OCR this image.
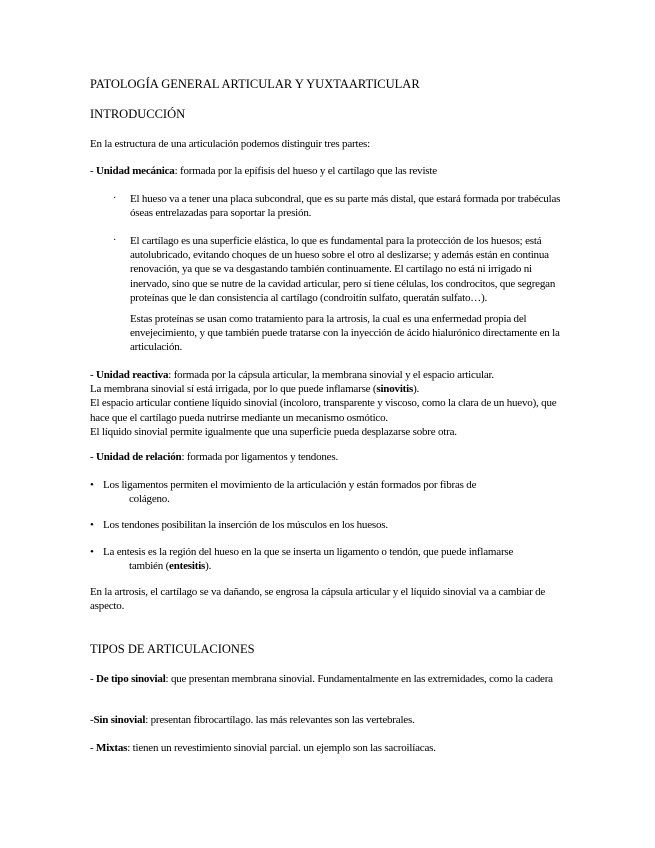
PATOLOGÍA GENERAL ARTICULAR Y YUXTAARTICULAR

INTRODUCCIÓN

En la estructura de una articulación podemos distinguir tres partes:

- Unidad mecánica: formada por la epífisis del hueso y el cartílago que las reviste

· El hueso va a tener una placa subcondral, que es su parte más distal, que estará formada por trabéculas óseas entrelazadas para soportar la presión.

· El cartílago es una superficie elástica, lo que es fundamental para la protección de los huesos; está autolubricado, evitando choques de un hueso sobre el otro al deslizarse; y además están en continua renovación, ya que se va desgastando también continuamente. El cartílago no está ni irrigado ni inervado, sino que se nutre de la cavidad articular, pero sí tiene células, los condrocitos, que segregan proteínas que le dan consistencia al cartílago (condroitín sulfato, queratán sulfato…).

Estas proteínas se usan como tratamiento para la artrosis, la cual es una enfermedad propia del envejecimiento, y que también puede tratarse con la inyección de ácido hialurónico directamente en la articulación.

- Unidad reactiva: formada por la cápsula articular, la membrana sinovial y el espacio articular.
La membrana sinovial sí está irrigada, por lo que puede inflamarse (sinovitis).
El espacio articular contiene líquido sinovial (incoloro, transparente y viscoso, como la clara de un huevo), que hace que el cartílago pueda nutrirse mediante un mecanismo osmótico.
El líquido sinovial permite igualmente que una superficie pueda desplazarse sobre otra.

- Unidad de relación: formada por ligamentos y tendones.

• Los ligamentos permiten el movimiento de la articulación y están formados por fibras de
colágeno.

• Los tendones posibilitan la inserción de los músculos en los huesos.

• La entesis es la región del hueso en la que se inserta un ligamento o tendón, que puede inflamarse
también (entesitis).

En la artrosis, el cartílago se va dañando, se engrosa la cápsula articular y el líquido sinovial va a cambiar de aspecto.

TIPOS DE ARTICULACIONES

- De tipo sinovial: que presentan membrana sinovial. Fundamentalmente en las extremidades, como la cadera

-Sin sinovial: presentan fibrocartílago. las más relevantes son las vertebrales.

- Mixtas: tienen un revestimiento sinovial parcial. un ejemplo son las sacroilíacas.
